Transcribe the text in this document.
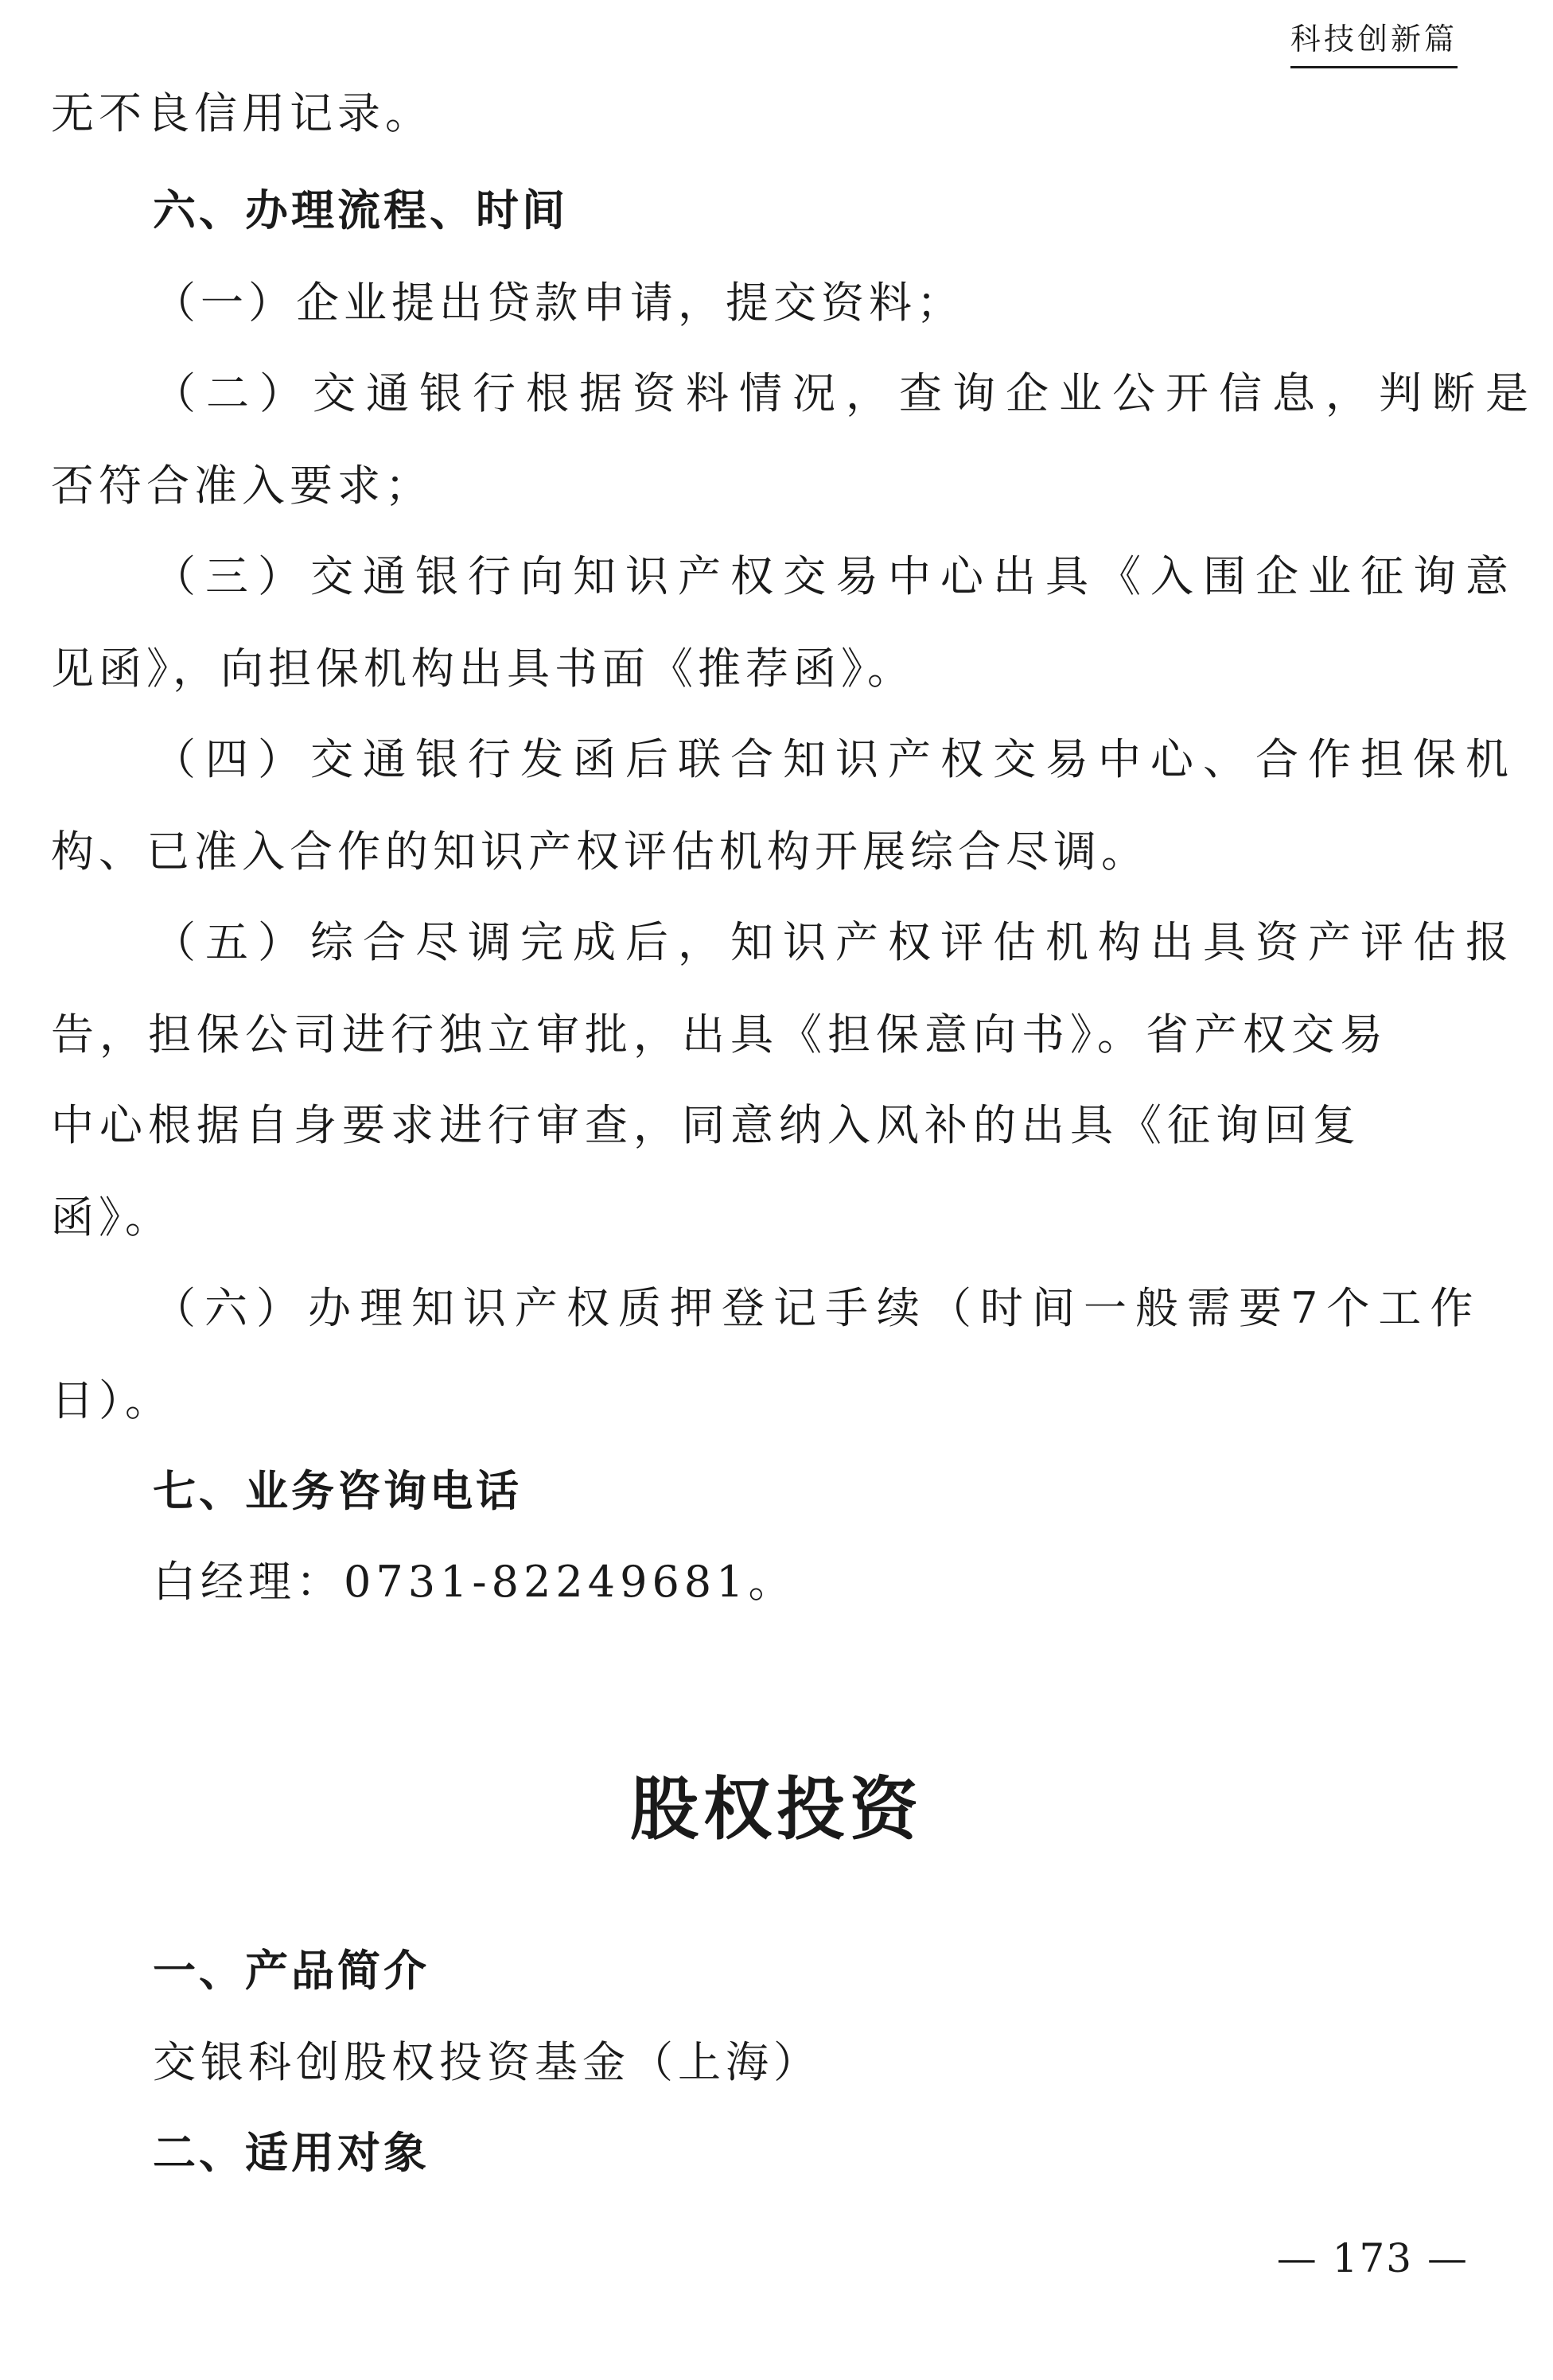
科技创新篇
无不良信用记录。
六、办理流程、时间
（一）企业提出贷款申请，提交资料；
（二）交通银行根据资料情况，查询企业公开信息，判断是
否符合准入要求；
（三）交通银行向知识产权交易中心出具《入围企业征询意
见函》，向担保机构出具书面《推荐函》。
（四）交通银行发函后联合知识产权交易中心、合作担保机
构、已准入合作的知识产权评估机构开展综合尽调。
（五）综合尽调完成后，知识产权评估机构出具资产评估报
告，担保公司进行独立审批，出具《担保意向书》。省产权交易
中心根据自身要求进行审查，同意纳入风补的出具《征询回复
函》。
（六）办理知识产权质押登记手续（时间一般需要7个工作
日）。
七、业务咨询电话
白经理：0731-82249681。
股权投资
一、产品简介
交银科创股权投资基金（上海）
二、适用对象
— 173 —
